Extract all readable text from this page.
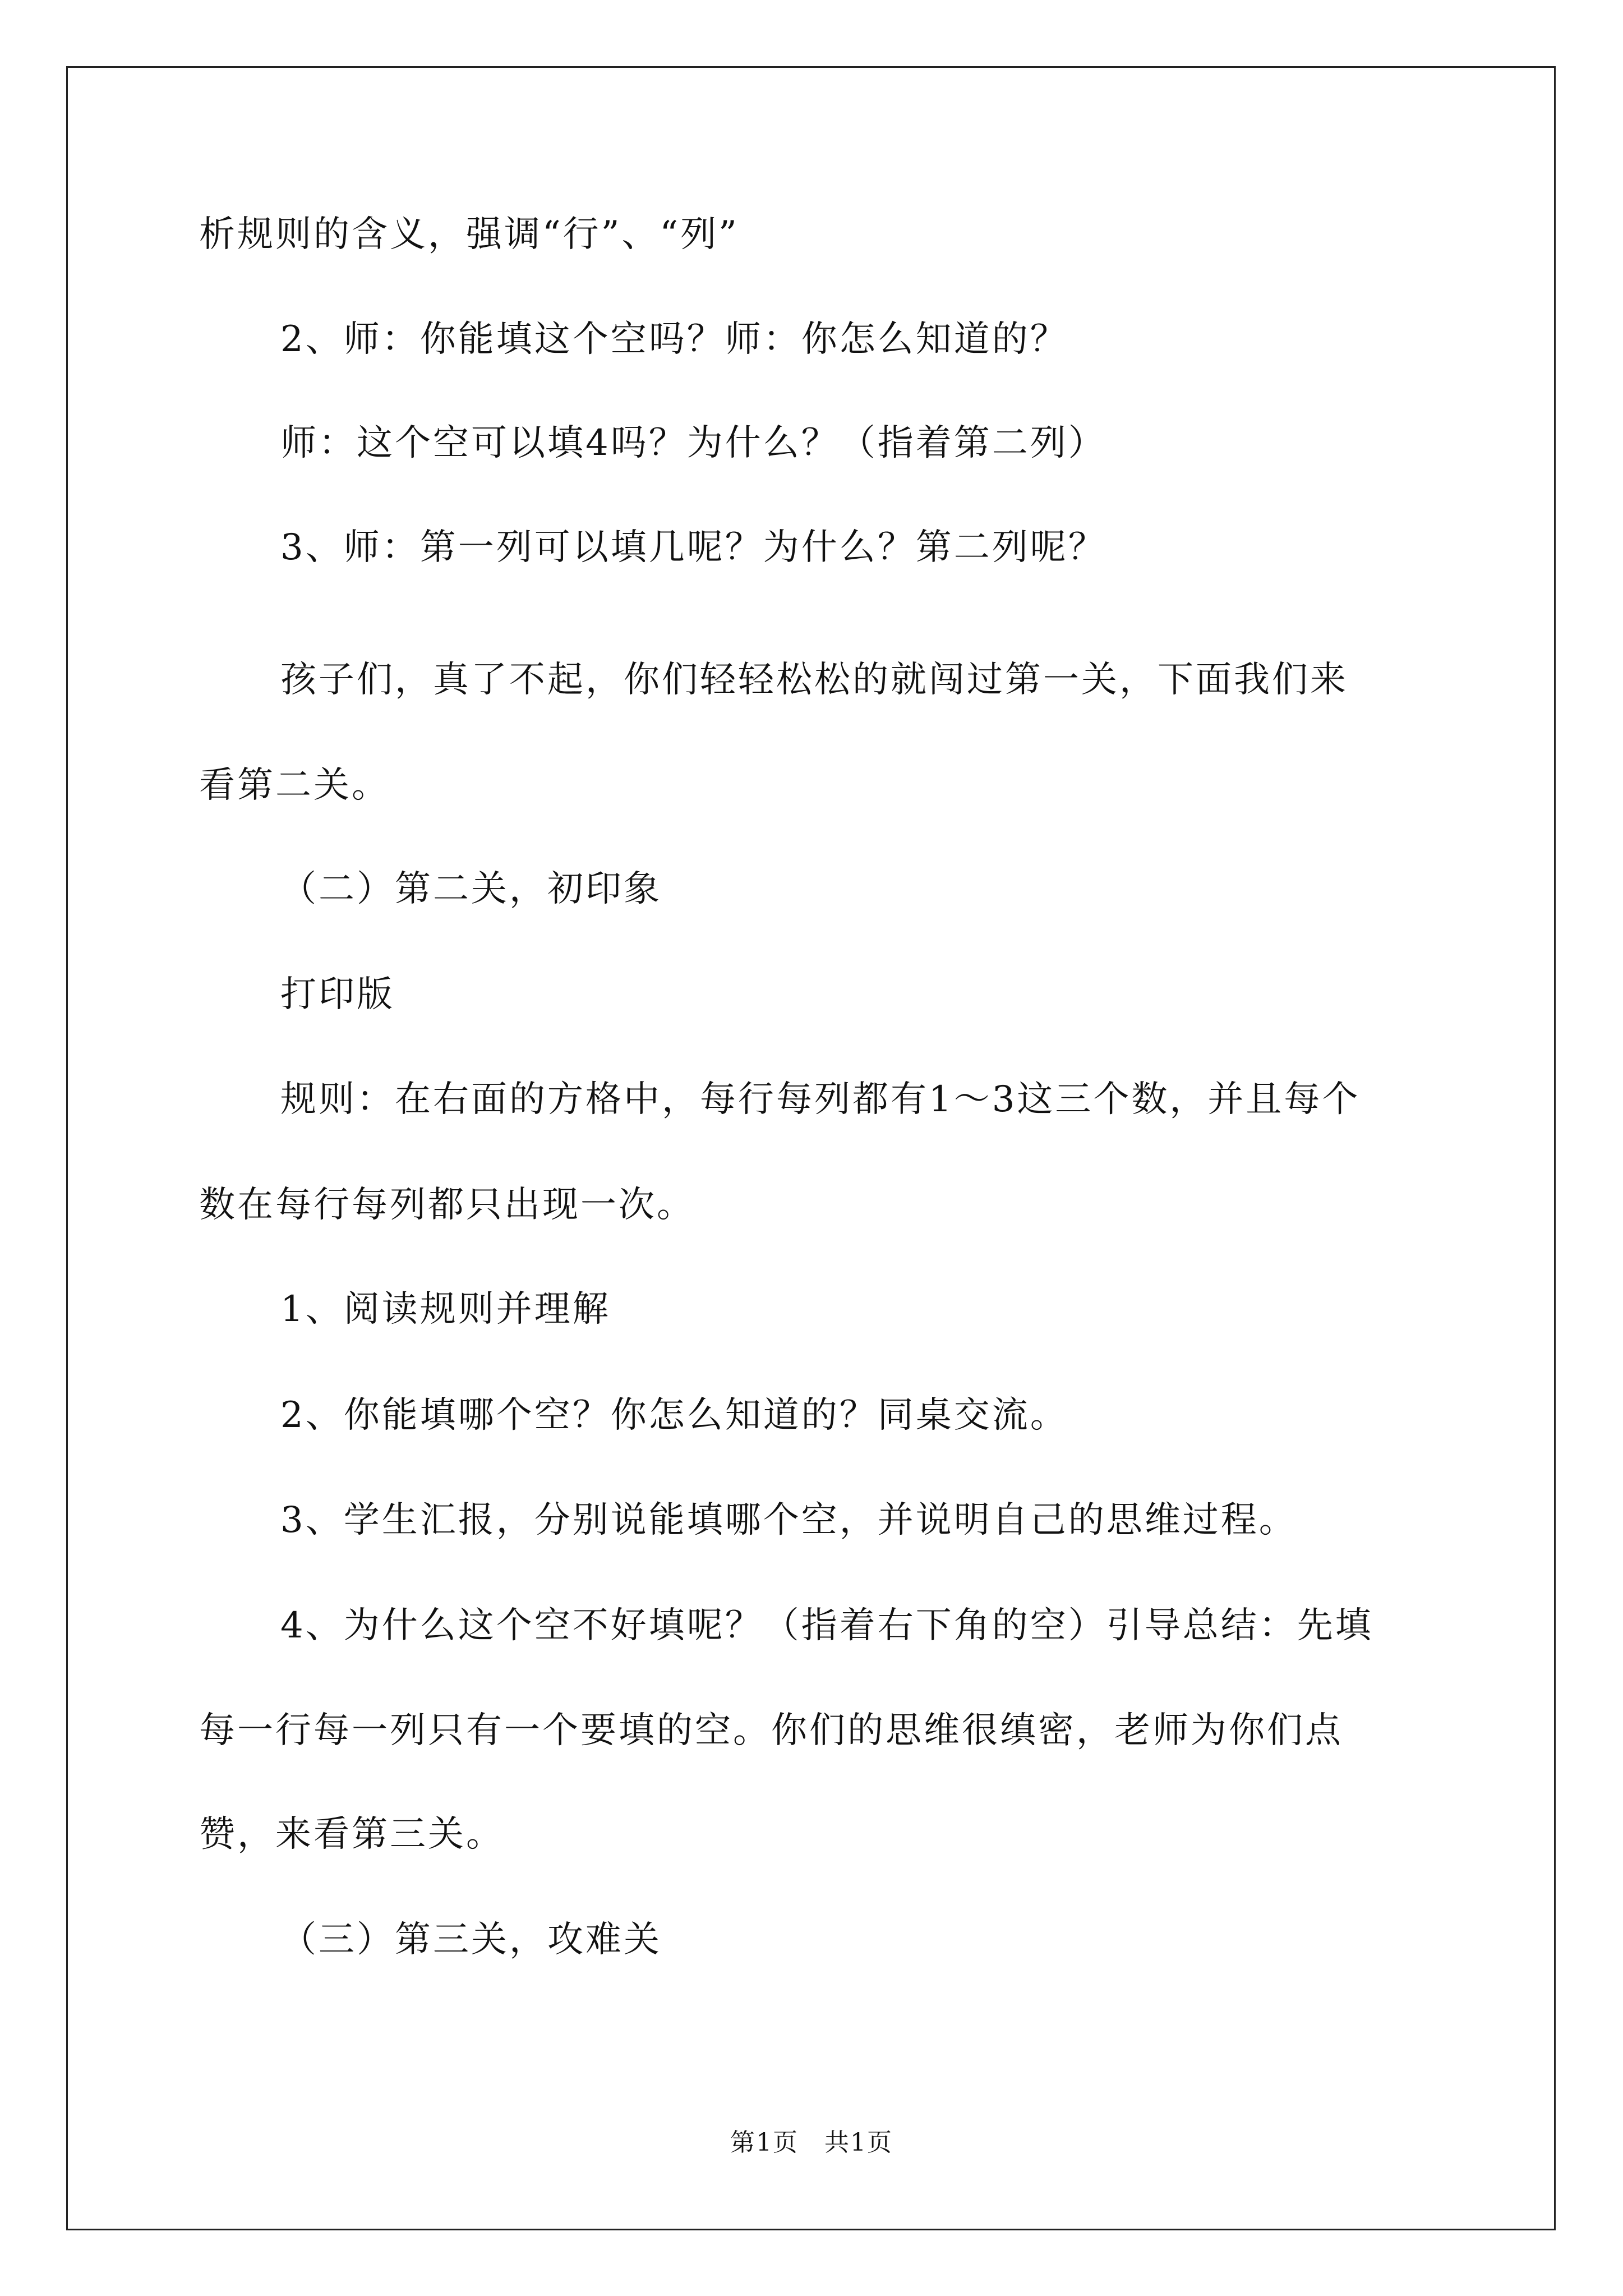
析规则的含义，强调“行”、“列”
2、师：你能填这个空吗？师：你怎么知道的？
师：这个空可以填4吗？为什么？（指着第二列）
3、师：第一列可以填几呢？为什么？第二列呢？
孩子们，真了不起，你们轻轻松松的就闯过第一关，下面我们来
看第二关。
（二）第二关，初印象
打印版
规则：在右面的方格中，每行每列都有1～3这三个数，并且每个
数在每行每列都只出现一次。
1、阅读规则并理解
2、你能填哪个空？你怎么知道的？同桌交流。
3、学生汇报，分别说能填哪个空，并说明自己的思维过程。
4、为什么这个空不好填呢？（指着右下角的空）引导总结：先填
每一行每一列只有一个要填的空。你们的思维很缜密，老师为你们点
赞，来看第三关。
（三）第三关，攻难关
第1页　共1页
